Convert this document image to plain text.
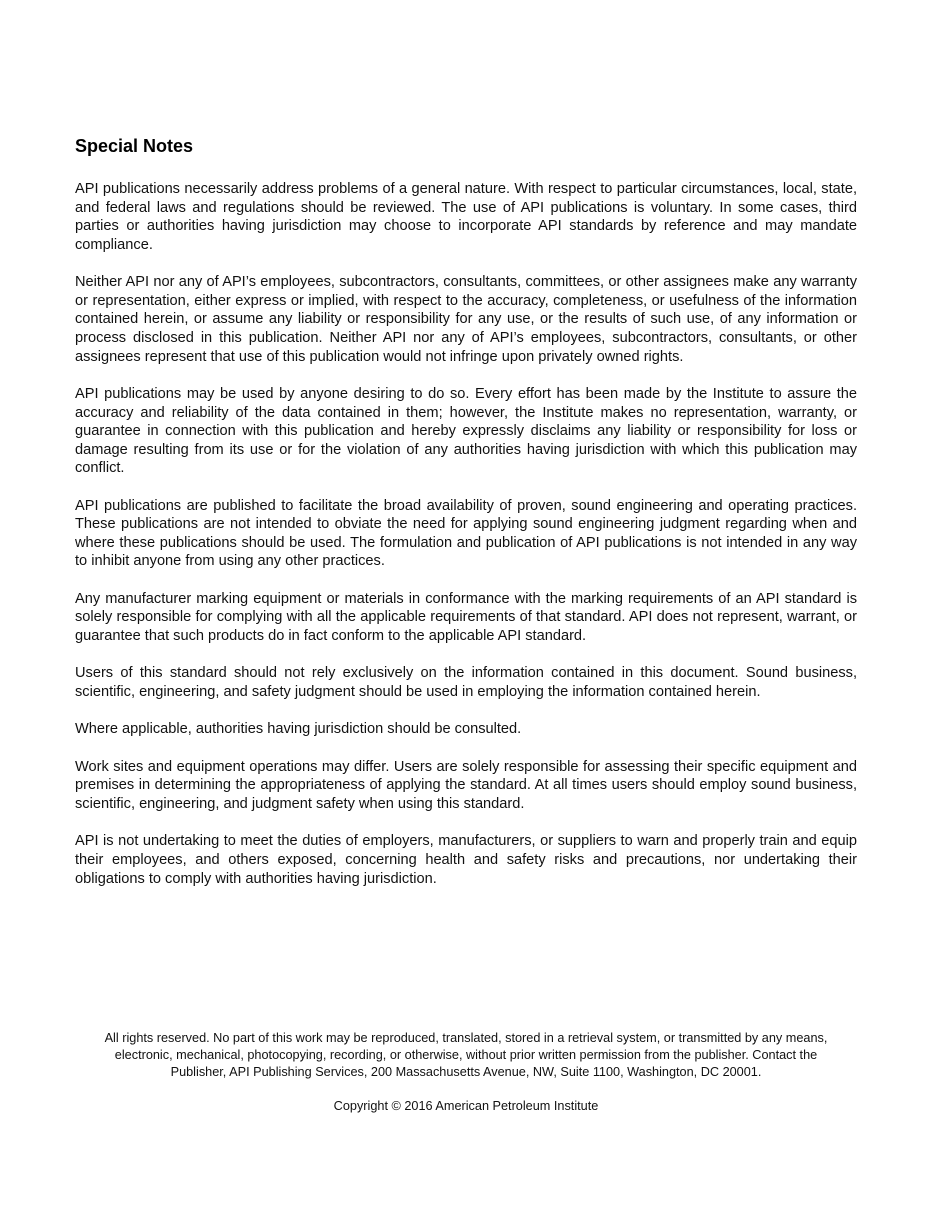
Special Notes

API publications necessarily address problems of a general nature. With respect to particular circumstances, local, state, and federal laws and regulations should be reviewed. The use of API publications is voluntary. In some cases, third parties or authorities having jurisdiction may choose to incorporate API standards by reference and may mandate compliance.

Neither API nor any of API’s employees, subcontractors, consultants, committees, or other assignees make any warranty or representation, either express or implied, with respect to the accuracy, completeness, or usefulness of the information contained herein, or assume any liability or responsibility for any use, or the results of such use, of any information or process disclosed in this publication. Neither API nor any of API’s employees, subcontractors, consultants, or other assignees represent that use of this publication would not infringe upon privately owned rights.

API publications may be used by anyone desiring to do so. Every effort has been made by the Institute to assure the accuracy and reliability of the data contained in them; however, the Institute makes no representation, warranty, or guarantee in connection with this publication and hereby expressly disclaims any liability or responsibility for loss or damage resulting from its use or for the violation of any authorities having jurisdiction with which this publication may conflict.

API publications are published to facilitate the broad availability of proven, sound engineering and operating practices. These publications are not intended to obviate the need for applying sound engineering judgment regarding when and where these publications should be used. The formulation and publication of API publications is not intended in any way to inhibit anyone from using any other practices.

Any manufacturer marking equipment or materials in conformance with the marking requirements of an API standard is solely responsible for complying with all the applicable requirements of that standard. API does not represent, warrant, or guarantee that such products do in fact conform to the applicable API standard.

Users of this standard should not rely exclusively on the information contained in this document. Sound business, scientific, engineering, and safety judgment should be used in employing the information contained herein.

Where applicable, authorities having jurisdiction should be consulted.

Work sites and equipment operations may differ. Users are solely responsible for assessing their specific equipment and premises in determining the appropriateness of applying the standard. At all times users should employ sound business, scientific, engineering, and judgment safety when using this standard.

API is not undertaking to meet the duties of employers, manufacturers, or suppliers to warn and properly train and equip their employees, and others exposed, concerning health and safety risks and precautions, nor undertaking their obligations to comply with authorities having jurisdiction.

All rights reserved. No part of this work may be reproduced, translated, stored in a retrieval system, or transmitted by any means,
electronic, mechanical, photocopying, recording, or otherwise, without prior written permission from the publisher. Contact the
Publisher, API Publishing Services, 200 Massachusetts Avenue, NW, Suite 1100, Washington, DC 20001.

Copyright © 2016 American Petroleum Institute
